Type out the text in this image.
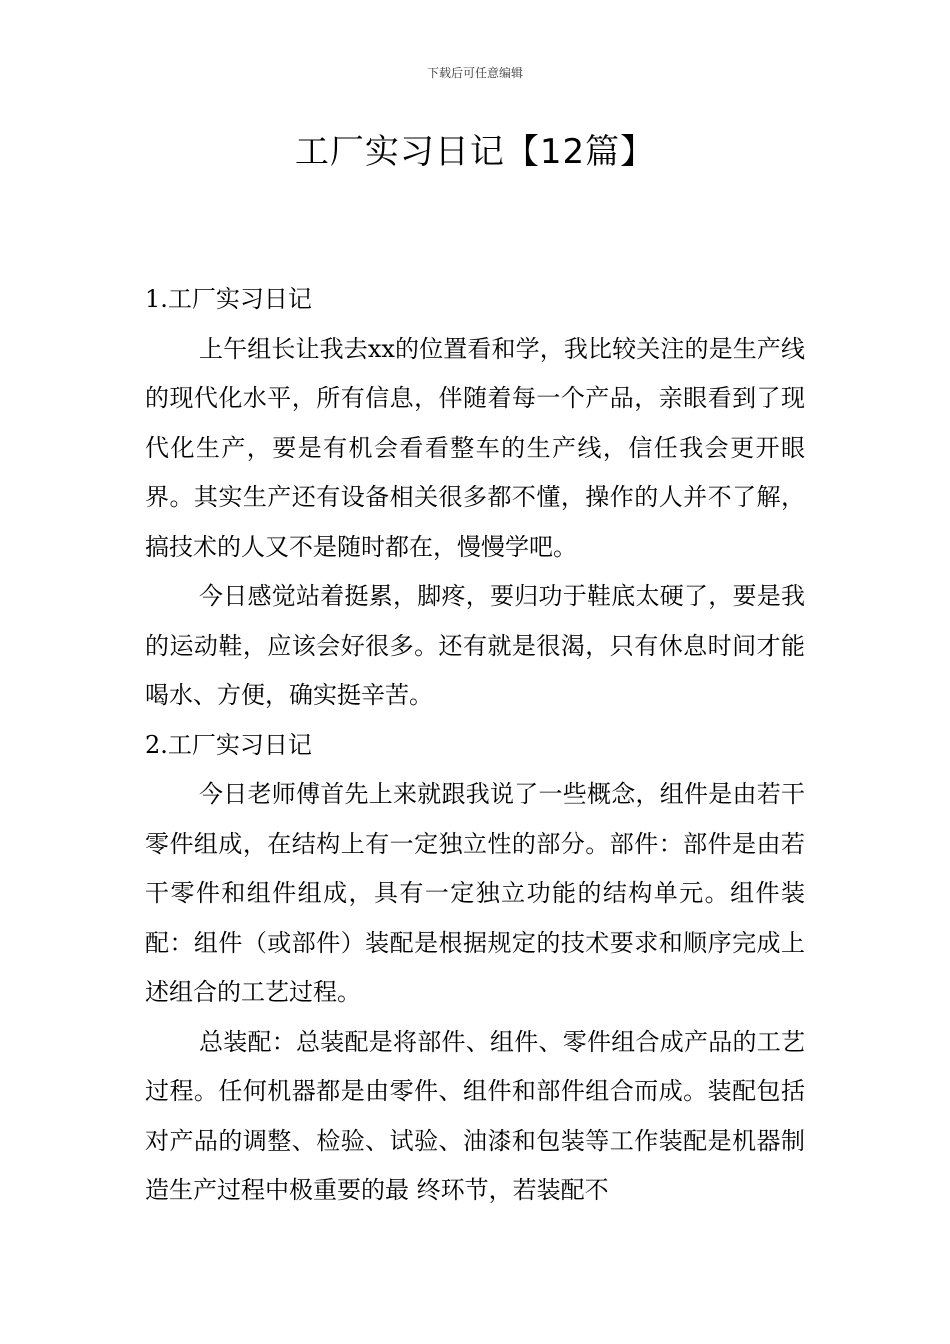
下载后可任意编辑
工厂实习日记【12篇】

1.工厂实习日记

上午组长让我去xx的位置看和学，我比较关注的是生产线的现代化水平，所有信息，伴随着每一个产品，亲眼看到了现代化生产，要是有机会看看整车的生产线，信任我会更开眼界。其实生产还有设备相关很多都不懂，操作的人并不了解，搞技术的人又不是随时都在，慢慢学吧。

今日感觉站着挺累，脚疼，要归功于鞋底太硬了，要是我的运动鞋，应该会好很多。还有就是很渴，只有休息时间才能喝水、方便，确实挺辛苦。

2.工厂实习日记

今日老师傅首先上来就跟我说了一些概念，组件是由若干零件组成，在结构上有一定独立性的部分。部件：部件是由若干零件和组件组成，具有一定独立功能的结构单元。组件装配：组件（或部件）装配是根据规定的技术要求和顺序完成上述组合的工艺过程。

总装配：总装配是将部件、组件、零件组合成产品的工艺过程。任何机器都是由零件、组件和部件组合而成。装配包括对产品的调整、检验、试验、油漆和包装等工作装配是机器制造生产过程中极重要的最 终环节，若装配不
